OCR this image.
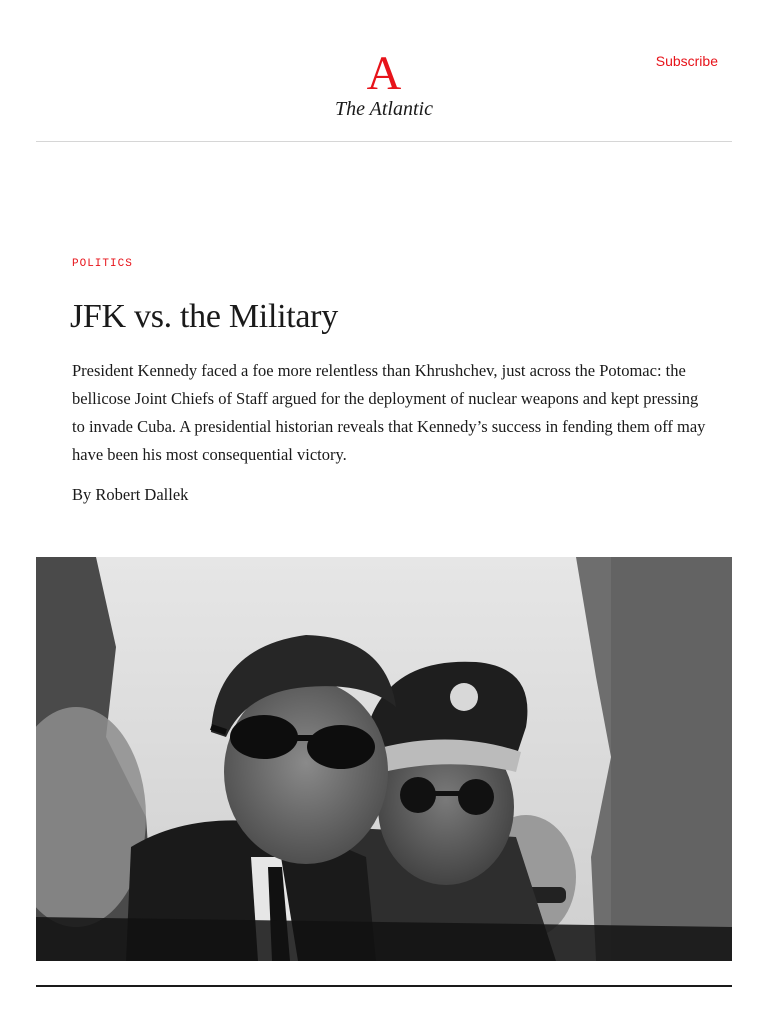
A
The Atlantic
Subscribe
POLITICS
JFK vs. the Military

President Kennedy faced a foe more relentless than Khrushchev, just across the Potomac: the bellicose Joint Chiefs of Staff argued for the deployment of nuclear weapons and kept pressing to invade Cuba. A presidential historian reveals that Kennedy’s success in fending them off may have been his most consequential victory.

By Robert Dallek
